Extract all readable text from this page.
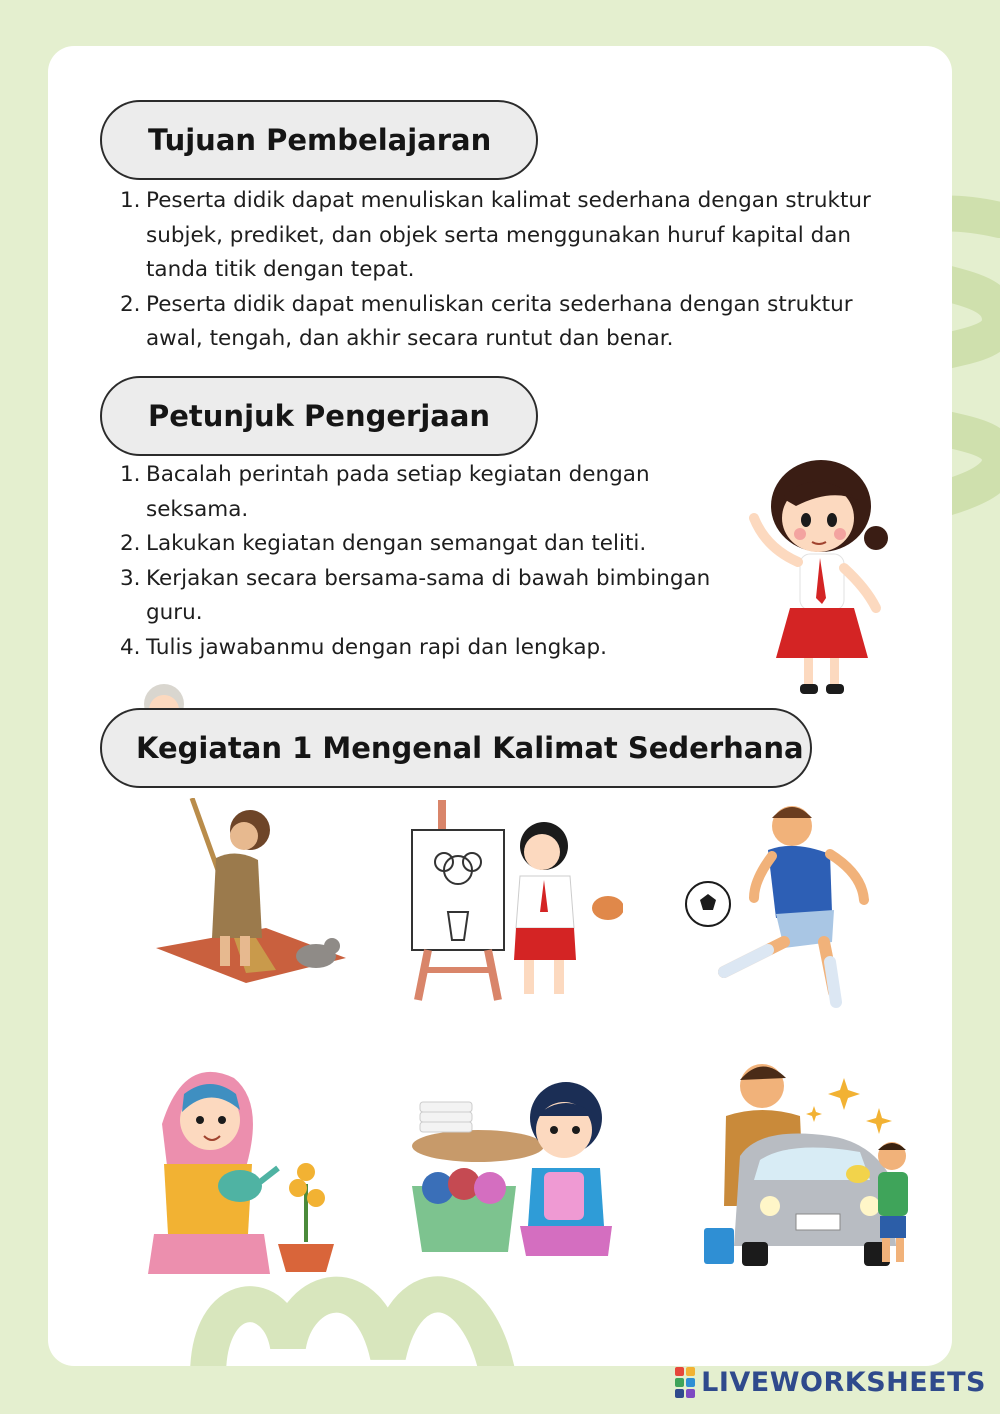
Tujuan Pembelajaran
1. Peserta didik dapat menuliskan kalimat sederhana dengan struktur subjek, prediket, dan objek serta menggunakan huruf kapital dan tanda titik dengan tepat.
2. Peserta didik dapat menuliskan cerita sederhana dengan struktur awal, tengah, dan akhir secara runtut dan benar.
Petunjuk Pengerjaan
1. Bacalah perintah pada setiap kegiatan dengan seksama.
2. Lakukan kegiatan dengan semangat dan teliti.
3. Kerjakan secara bersama-sama di bawah bimbingan guru.
4. Tulis jawabanmu dengan rapi dan lengkap.
Kegiatan 1 Mengenal Kalimat Sederhana
LIVEWORKSHEETS
